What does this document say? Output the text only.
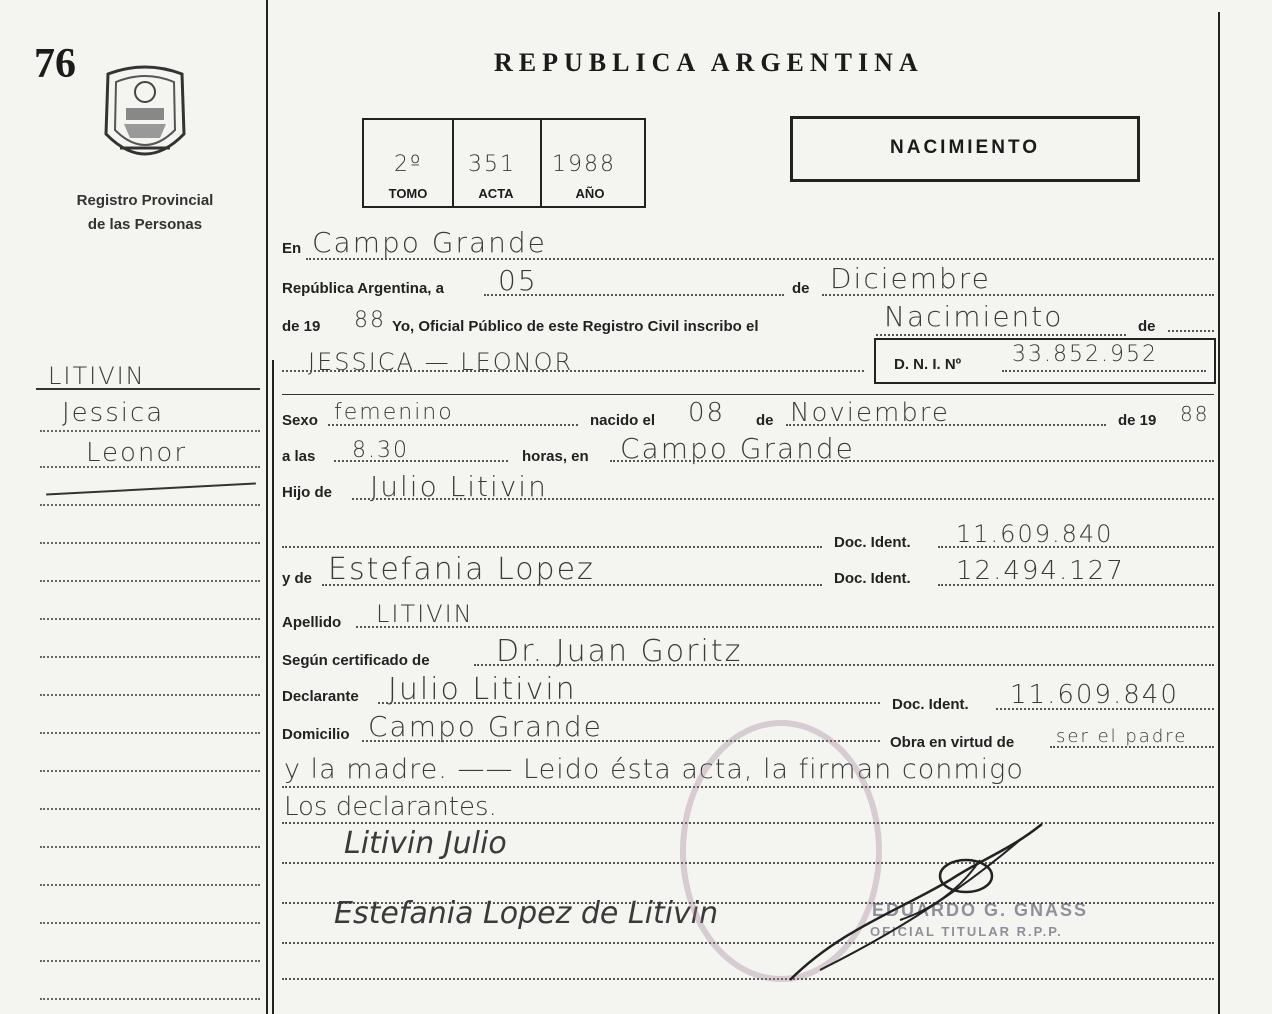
76
Registro Provincial
de las Personas
LITIVIN
Jessica
Leonor
REPUBLICA ARGENTINA
2º 351 1988
TOMO	ACTA	AÑO
NACIMIENTO
En Campo Grande
República Argentina, a 05	de Diciembre
de 19 88 Yo, Oficial Público de este Registro Civil inscribo el	Nacimiento	de
JESSICA — LEONOR	D. N. I. Nº 33.852.952
Sexo femenino	nacido el 08 de Noviembre	de 19 88
a las 8.30	horas, en Campo Grande
Hijo de Julio Litivin
Doc. Ident. 11.609.840
y de Estefania Lopez	Doc. Ident. 12.494.127
Apellido LITIVIN
Según certificado de Dr. Juan Goritz
Declarante Julio Litivin	Doc. Ident. 11.609.840
Domicilio Campo Grande	Obra en virtud de ser el padre
y la madre. —— Leido ésta acta, la firman conmigo
Los declarantes.
Litivin Julio
Estefania Lopez de Litivin	EDUARDO G. GNASS
OFICIAL TITULAR R.P.P.
